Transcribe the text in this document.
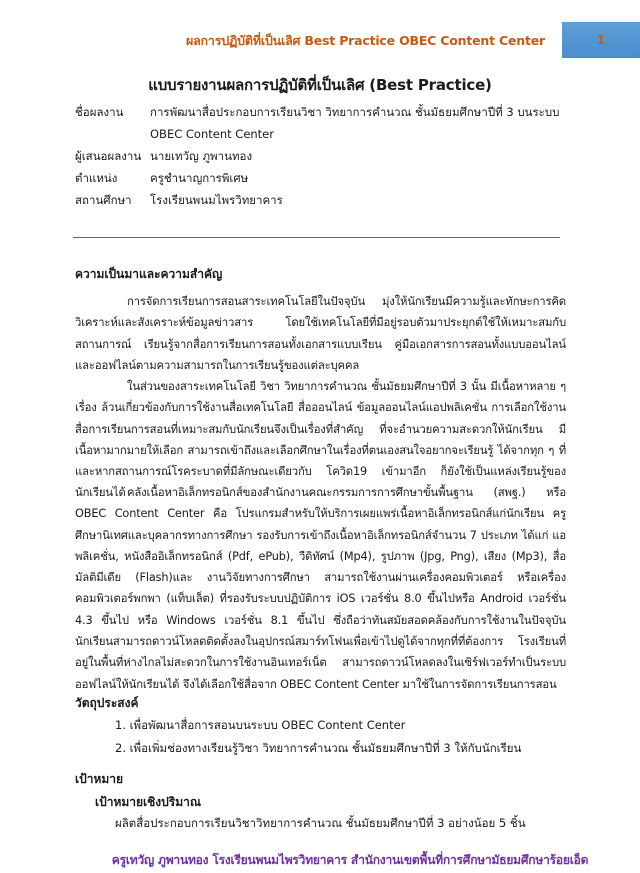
ผลการปฏิบัติที่เป็นเลิศ Best Practice OBEC Content Center	1
แบบรายงานผลการปฏิบัติที่เป็นเลิศ (Best Practice)
ชื่อผลงาน	การพัฒนาสื่อประกอบการเรียนวิชา วิทยาการคำนวณ ชั้นมัธยมศึกษาปีที่ 3 บนระบบ OBEC Content Center
ผู้เสนอผลงาน นายเทวัญ ภูพานทอง
ตำแหน่ง	ครูชำนาญการพิเศษ
สถานศึกษา	โรงเรียนพนมไพรวิทยาคาร
ความเป็นมาและความสำคัญ
การจัดการเรียนการสอนสาระเทคโนโลยีในปัจจุบัน มุ่งให้นักเรียนมีความรู้และทักษะการคิดวิเคราะห์และสังเคราะห์ข้อมูลข่าวสาร โดยใช้เทคโนโลยีที่มีอยู่รอบตัวมาประยุกต์ใช้ให้เหมาะสมกับสถานการณ์ เรียนรู้จากสื่อการเรียนการสอนทั้งเอกสารแบบเรียน คู่มือเอกสารการสอนทั้งแบบออนไลน์และออฟไลน์ตามความสามารถในการเรียนรู้ของแต่ละบุคคล
ในส่วนของสาระเทคโนโลยี วิชา วิทยาการคำนวณ ชั้นมัธยมศึกษาปีที่ 3 นั้น มีเนื้อหาหลาย ๆ เรื่อง ล้วนเกี่ยวข้องกับการใช้งานสื่อเทคโนโลยี สื่อออนไลน์ ข้อมูลออนไลน์แอปพลิเคชั่น การเลือกใช้งานสื่อการเรียนการสอนที่เหมาะสมกับนักเรียนจึงเป็นเรื่องที่สำคัญ ที่จะอำนวยความสะดวกให้นักเรียน มีเนื้อหามากมายให้เลือก สามารถเข้าถึงและเลือกศึกษาในเรื่องที่ตนเองสนใจอยากจะเรียนรู้ ได้จากทุก ๆ ที่ และหากสถานการณ์โรคระบาดที่มีลักษณะเดียวกับ โควิด19 เข้ามาอีก ก็ยังใช้เป็นแหล่งเรียนรู้ของนักเรียนได้ คลังเนื้อหาอิเล็กทรอนิกส์ของสำนักงานคณะกรรมการการศึกษาขั้นพื้นฐาน (สพฐ.) หรือ OBEC Content Center คือ โปรแกรมสำหรับให้บริการเผยแพร่เนื้อหาอิเล็กทรอนิกส์แก่นักเรียน ครู ศึกษานิเทศและบุคลากรทางการศึกษา รองรับการเข้าถึงเนื้อหาอิเล็กทรอนิกส์จำนวน 7 ประเภท ได้แก่ แอพลิเคชั่น, หนังสืออิเล็กทรอนิกส์ (Pdf, ePub), วีดิทัศน์ (Mp4), รูปภาพ (Jpg, Png), เสียง (Mp3), สื่อมัลติมีเดีย (Flash)และ งานวิจัยทางการศึกษา สามารถใช้งานผ่านเครื่องคอมพิวเตอร์ หรือเครื่องคอมพิวเตอร์พกพา (แท็บเล็ต) ที่รองรับระบบปฏิบัติการ iOS เวอร์ชั่น 8.0 ขึ้นไปหรือ Android เวอร์ชั่น 4.3 ขึ้นไป หรือ Windows เวอร์ชั่น 8.1 ขึ้นไป ซึ่งถือว่าทันสมัยสอดคล้องกับการใช้งานในปัจจุบัน นักเรียนสามารถดาวน์โหลดติดตั้งลงในอุปกรณ์สมาร์ทโฟนเพื่อเข้าไปดูได้จากทุกที่ที่ต้องการ โรงเรียนที่อยู่ในพื้นที่ห่างไกลไม่สะดวกในการใช้งานอินเทอร์เน็ต สามารถดาวน์โหลดลงในเซิร์ฟเวอร์ทำเป็นระบบออฟไลน์ให้นักเรียนได้ จึงได้เลือกใช้สื่อจาก OBEC Content Center มาใช้ในการจัดการเรียนการสอน
วัตถุประสงค์
1. เพื่อพัฒนาสื่อการสอนบนระบบ OBEC Content Center
2. เพื่อเพิ่มช่องทางเรียนรู้วิชา วิทยาการคำนวณ ชั้นมัธยมศึกษาปีที่ 3 ให้กับนักเรียน
เป้าหมาย
เป้าหมายเชิงปริมาณ
ผลิตสื่อประกอบการเรียนวิชาวิทยาการคำนวณ ชั้นมัธยมศึกษาปีที่ 3 อย่างน้อย 5 ชิ้น
ครูเทวัญ ภูพานทอง โรงเรียนพนมไพรวิทยาคาร สำนักงานเขตพื้นที่การศึกษามัธยมศึกษาร้อยเอ็ด
